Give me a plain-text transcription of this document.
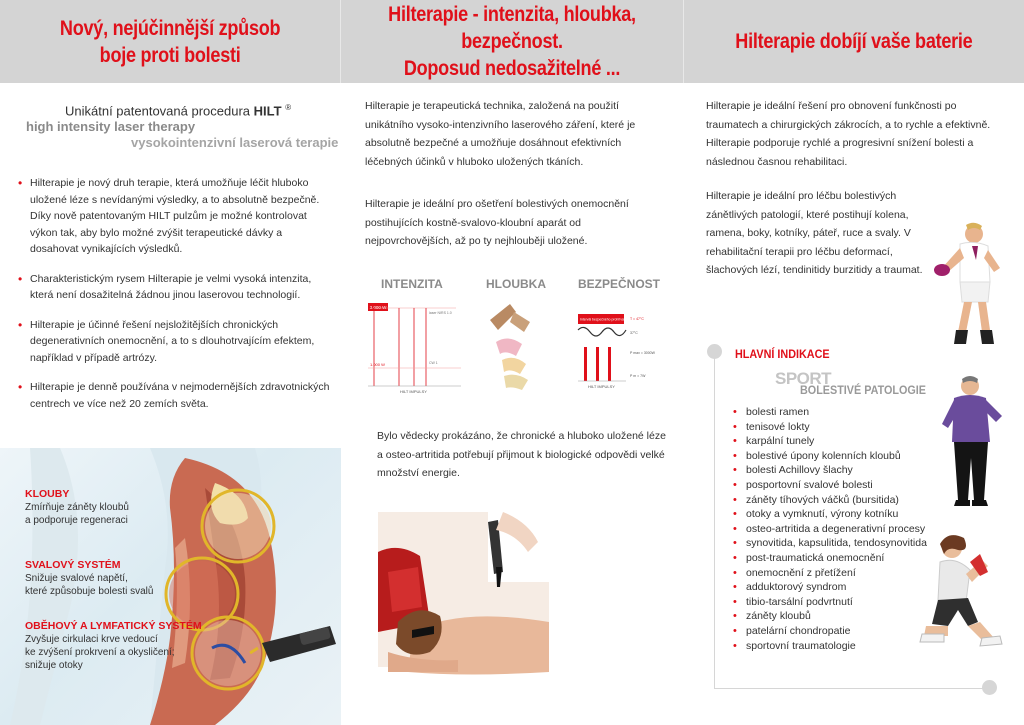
Nový, nejúčinnější způsob
boje proti bolesti
Unikátní patentovaná procedura HILT ®
high intensity laser therapy
vysokointenzivní laserová terapie
• Hilterapie je nový druh terapie, která umožňuje léčit hluboko uložené léze s nevídanými výsledky, a to absolutně bezpečně. Díky nově patentovaným HILT pulzům je možné kontrolovat výkon tak, aby bylo možné zvýšit terapeutické dávky a dosahovat vynikajících výsledků.
• Charakteristickým rysem Hilterapie je velmi vysoká intenzita, která není dosažitelná žádnou jinou laserovou technologií.
• Hilterapie je účinné řešení nejsložitějších chronických degenerativních onemocnění, a to s dlouhotrvajícím efektem, například v případě artrózy.
• Hilterapie je denně používána v nejmodernějších zdravotnických centrech ve více než 20 zemích světa.
KLOUBY
Zmírňuje záněty kloubů
a podporuje regeneraci
SVALOVÝ SYSTÉM
Snižuje svalové napětí,
které způsobuje bolesti svalů
OBĚHOVÝ A LYMFATICKÝ SYSTÉM
Zvyšuje cirkulaci krve vedoucí
ke zvýšení prokrvení a okysličení;
snižuje otoky
Hilterapie - intenzita, hloubka, bezpečnost.
Doposud nedosažitelné ...

Hilterapie je terapeutická technika, založená na použití unikátního vysoko-intenzivního laserového záření, které je absolutně bezpečné a umožňuje dosáhnout efektivních léčebných účinků v hluboko uložených tkáních.

Hilterapie je ideální pro ošetření bolestivých onemocnění postihujících kostně-svalovo-kloubní aparát od nejpovrchovějších, až po ty nejhlouběji uložené.

INTENZITA	HLOUBKA	BEZPEČNOST
3.000 W
1.000 W
laser NIRS 1.0
CW 1
HILT IMPULSY
Intervál bezpečného prohřívání T = 47°C
37°C
P max = 3000W
P m = 7W
HILT IMPULSY

Bylo vědecky prokázáno, že chronické a hluboko uložené léze a osteo-artritida potřebují přijmout k biologické odpovědi velké množství energie.

Hilterapie dobíjí vaše baterie

Hilterapie je ideální řešení pro obnovení funkčnosti po traumatech a chirurgických zákrocích, a to rychle a efektivně. Hilterapie podporuje rychlé a progresivní snížení bolesti a následnou časnou rehabilitaci.

Hilterapie je ideální pro léčbu bolestivých zánětlivých patologií, které postihují kolena, ramena, boky, kotníky, páteř, ruce a svaly. V rehabilitační terapii pro léčbu deformací, šlachových lézí, tendinitidy burzitidy a traumat.

HLAVNÍ INDIKACE
SPORT
BOLESTIVÉ PATOLOGIE
• bolesti ramen
• tenisové lokty
• karpální tunely
• bolestivé úpony kolenních kloubů
• bolesti Achillovy šlachy
• posportovní svalové bolesti
• záněty tíhových váčků (bursitida)
• otoky a vymknutí, výrony kotníku
• osteo-artritida a degenerativní procesy
• synovitida, kapsulitida, tendosynovitida
• post-traumatická onemocnění
• onemocnění z přetížení
• adduktorový syndrom
• tibio-tarsální podvrtnutí
• záněty kloubů
• patelární chondropatie
• sportovní traumatologie
